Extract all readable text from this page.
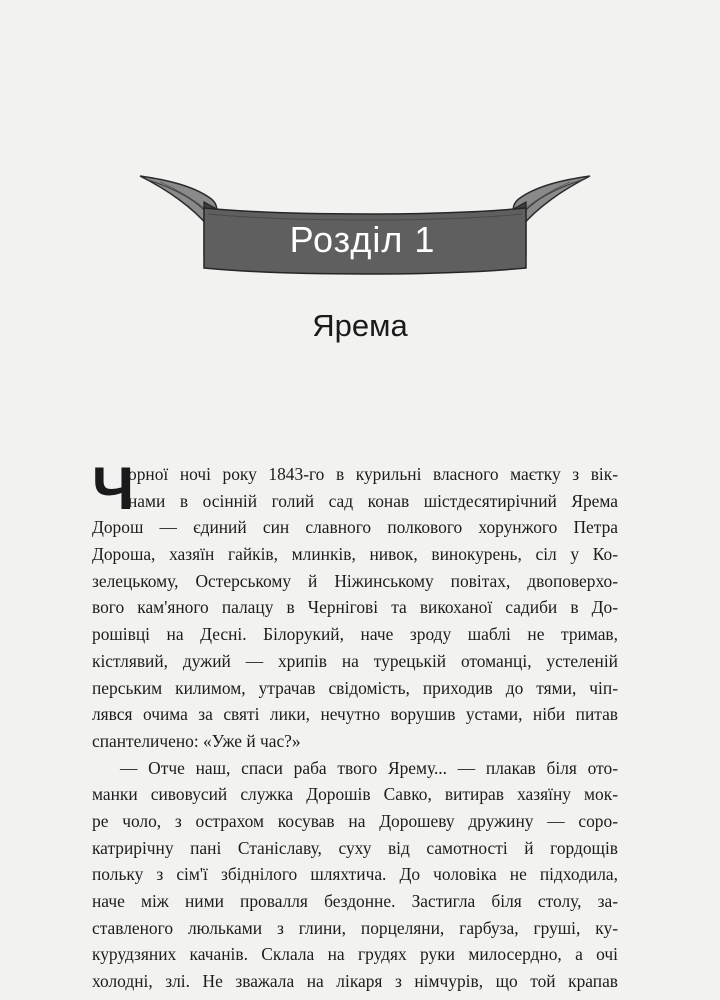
Розділ 1
Ярема
Ч
орної ночі року 1843-го в курильні власного маєтку з вік-
нами в осінній голий сад конав шістдесятирічний Ярема
Дорош — єдиний син славного полкового хорунжого Петра
Дороша, хазяїн гайків, млинків, нивок, винокурень, сіл у Ко-
зелецькому, Остерському й Ніжинському повітах, двоповерхо-
вого кам'яного палацу в Чернігові та викоханої садиби в До-
рошівці на Десні. Білорукий, наче зроду шаблі не тримав,
кістлявий, дужий — хрипів на турецькій отоманці, устеленій
перським килимом, утрачав свідомість, приходив до тями, чіп-
лявся очима за святі лики, нечутно ворушив устами, ніби питав
спантеличено: «Уже й час?»
— Отче наш, спаси раба твого Ярему... — плакав біля ото-
манки сивовусий служка Дорошів Савко, витирав хазяїну мок-
ре чоло, з острахом косував на Дорошеву дружину — соро-
катрирічну пані Станіславу, суху від самотності й гордощів
польку з сім'ї збіднілого шляхтича. До чоловіка не підходила,
наче між ними провалля бездонне. Застигла біля столу, за-
ставленого люльками з глини, порцеляни, гарбуза, груші, ку-
курудзяних качанів. Склала на грудях руки милосердно, а очі
холодні, злі. Не зважала на лікаря з німчурів, що той крапав
